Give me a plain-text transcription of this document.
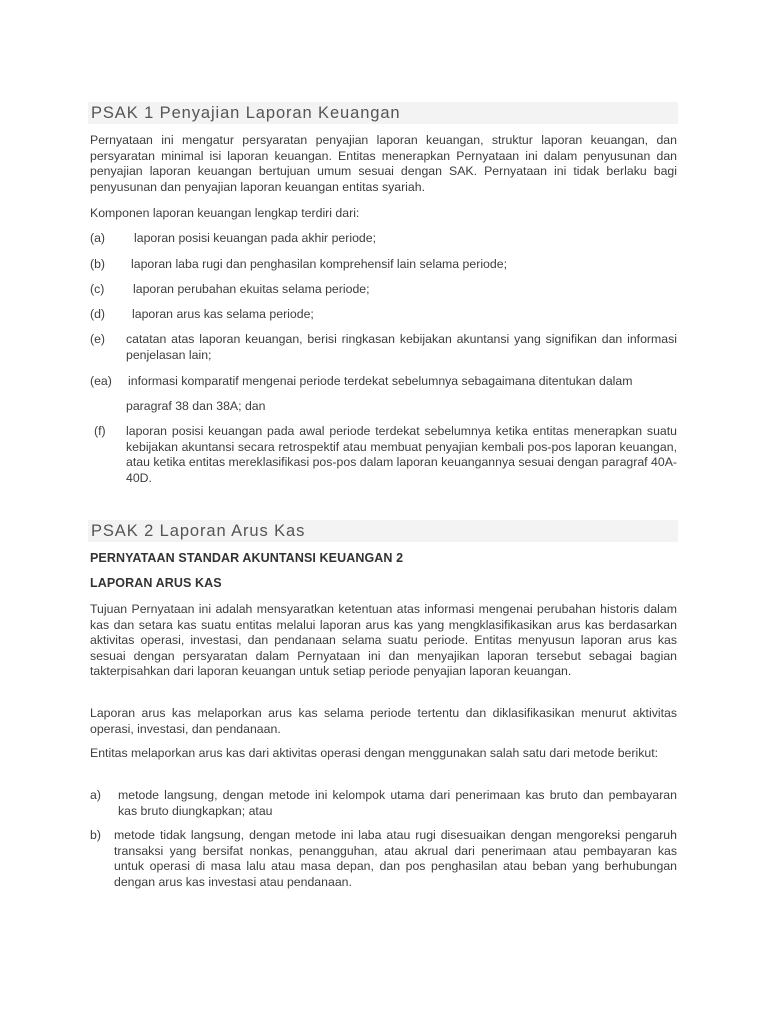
PSAK 1 Penyajian Laporan Keuangan

Pernyataan ini mengatur persyaratan penyajian laporan keuangan, struktur laporan keuangan, dan persyaratan minimal isi laporan keuangan. Entitas menerapkan Pernyataan ini dalam penyusunan dan penyajian laporan keuangan bertujuan umum sesuai dengan SAK. Pernyataan ini tidak berlaku bagi penyusunan dan penyajian laporan keuangan entitas syariah.

Komponen laporan keuangan lengkap terdiri dari:

(a)	laporan posisi keuangan pada akhir periode;
(b)	laporan laba rugi dan penghasilan komprehensif lain selama periode;
(c)	laporan perubahan ekuitas selama periode;
(d)	laporan arus kas selama periode;
(e)	catatan atas laporan keuangan, berisi ringkasan kebijakan akuntansi yang signifikan dan informasi penjelasan lain;
(ea)	informasi komparatif mengenai periode terdekat sebelumnya sebagaimana ditentukan dalam
paragraf 38 dan 38A; dan
(f)	laporan posisi keuangan pada awal periode terdekat sebelumnya ketika entitas menerapkan suatu kebijakan akuntansi secara retrospektif atau membuat penyajian kembali pos-pos laporan keuangan, atau ketika entitas mereklasifikasi pos-pos dalam laporan keuangannya sesuai dengan paragraf 40A-40D.
PSAK 2 Laporan Arus Kas
PERNYATAAN STANDAR AKUNTANSI KEUANGAN 2
LAPORAN ARUS KAS

Tujuan Pernyataan ini adalah mensyaratkan ketentuan atas informasi mengenai perubahan historis dalam kas dan setara kas suatu entitas melalui laporan arus kas yang mengklasifikasikan arus kas berdasarkan aktivitas operasi, investasi, dan pendanaan selama suatu periode. Entitas menyusun laporan arus kas sesuai dengan persyaratan dalam Pernyataan ini dan menyajikan laporan tersebut sebagai bagian takterpisahkan dari laporan keuangan untuk setiap periode penyajian laporan keuangan.

Laporan arus kas melaporkan arus kas selama periode tertentu dan diklasifikasikan menurut aktivitas operasi, investasi, dan pendanaan.

Entitas melaporkan arus kas dari aktivitas operasi dengan menggunakan salah satu dari metode berikut:

a)	metode langsung, dengan metode ini kelompok utama dari penerimaan kas bruto dan pembayaran kas bruto diungkapkan; atau
b)	metode tidak langsung, dengan metode ini laba atau rugi disesuaikan dengan mengoreksi pengaruh transaksi yang bersifat nonkas, penangguhan, atau akrual dari penerimaan atau pembayaran kas untuk operasi di masa lalu atau masa depan, dan pos penghasilan atau beban yang berhubungan dengan arus kas investasi atau pendanaan.
